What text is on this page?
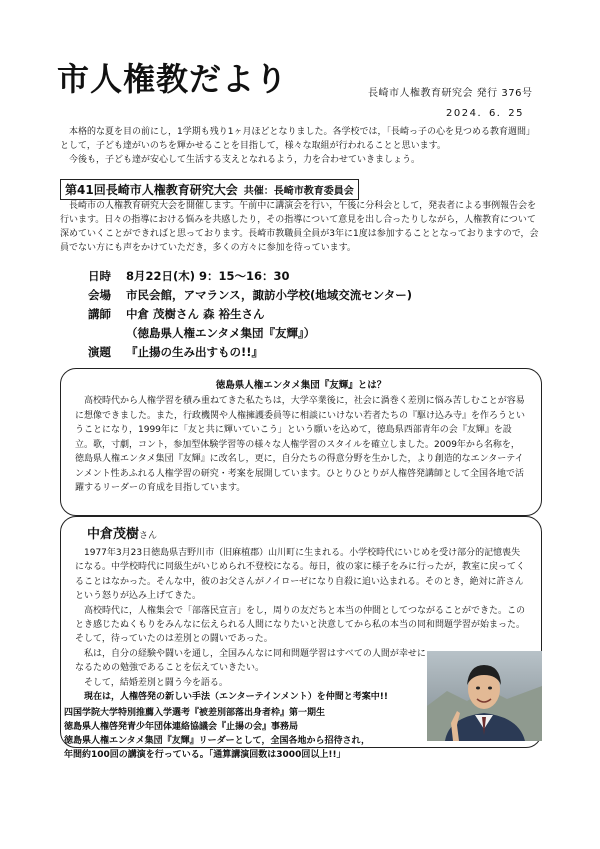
市人権教だより	長崎市人権教育研究会 発行 376号
2024．6．25

本格的な夏を目の前にし，1学期も残り1ヶ月ほどとなりました。各学校では，「長崎っ子の心を見つめる教育週間」として，子ども達がいのちを輝かせることを目指して，様々な取組が行われることと思います。

今後も，子ども達が安心して生活する支えとなれるよう，力を合わせていきましょう。

第41回長崎市人権教育研究大会 共催：長崎市教育委員会

長崎市の人権教育研究大会を開催します。午前中に講演会を行い，午後に分科会として，発表者による事例報告会を行います。日々の指導における悩みを共感したり，その指導について意見を出し合ったりしながら，人権教育について深めていくことができればと思っております。長崎市教職員全員が3年に1度は参加することとなっておりますので，会員でない方にも声をかけていただき，多くの方々に参加を待っています。

日時 8月22日(木) 9：15～16：30
会場 市民会館，アマランス，諏訪小学校(地域交流センター)
講師 中倉 茂樹さん 森 裕生さん
（徳島県人権エンタメ集団『友輝』）
演題 『止揚の生み出すもの!!』
徳島県人権エンタメ集団『友輝』とは？

高校時代から人権学習を積み重ねてきた私たちは，大学卒業後に，社会に渦巻く差別に悩み苦しむことが容易に想像できました。また，行政機関や人権擁護委員等に相談にいけない若者たちの『駆け込み寺』を作ろうということになり，1999年に「友と共に輝いていこう」という願いを込めて，徳島県西部青年の会『友輝』を設立。歌，寸劇，コント，参加型体験学習等の様々な人権学習のスタイルを確立しました。2009年から名称を，徳島県人権エンタメ集団『友輝』に改名し，更に，自分たちの得意分野を生かした，より創造的なエンターテインメント性あふれる人権学習の研究・考案を展開しています。ひとりひとりが人権啓発講師として全国各地で活躍するリーダーの育成を目指しています。

中倉茂樹さん

1977年3月23日徳島県吉野川市（旧麻植郡）山川町に生まれる。小学校時代にいじめを受け部分的記憶喪失になる。中学校時代に同級生がいじめられ不登校になる。毎日，彼の家に様子をみに行ったが，教室に戻ってくることはなかった。そんな中，彼のお父さんがノイローゼになり自殺に追い込まれる。そのとき，絶対に許さんという怒りが込み上げてきた。

高校時代に，人権集会で「部落民宣言」をし，周りの友だちと本当の仲間としてつながることができた。このとき感じたぬくもりをみんなに伝えられる人間になりたいと決意してから私の本当の同和問題学習が始まった。そして，待っていたのは差別との闘いであった。

私は，自分の経験や闘いを通し，全国みんなに同和問題学習はすべての人間が幸せになるための勉強であることを伝えていきたい。

そして，結婚差別と闘う今を語る。

現在は，人権啓発の新しい手法（エンターテインメント）を仲間と考案中!!

四国学院大学特別推薦入学選考『被差別部落出身者枠』第一期生
徳島県人権啓発青少年団体連絡協議会『止揚の会』事務局
徳島県人権エンタメ集団『友輝』リーダーとして，全国各地から招待され，
年間約100回の講演を行っている。「通算講演回数は3000回以上!!」
